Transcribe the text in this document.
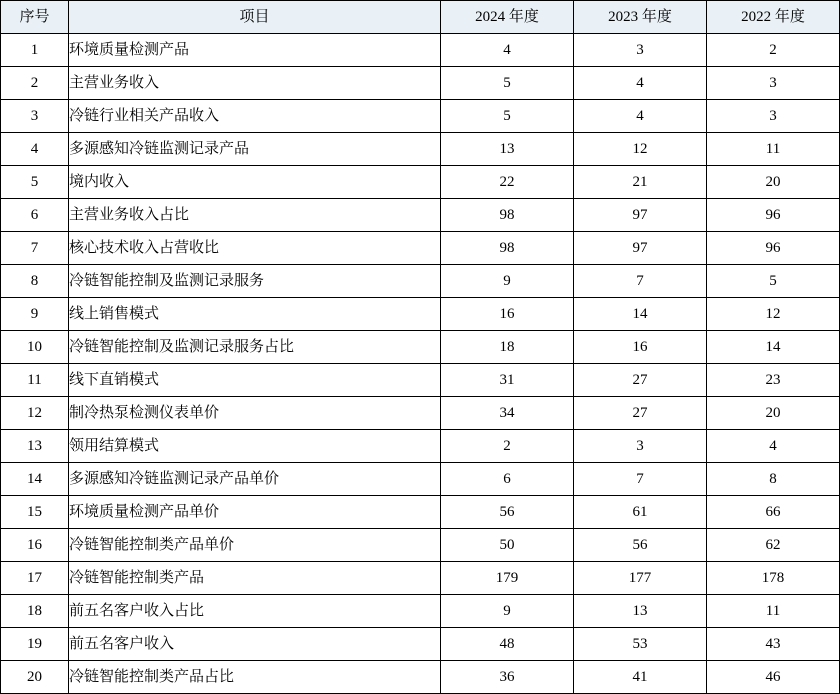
序号	项目	2024 年度	2023 年度	2022 年度
1	环境质量检测产品	4	3	2
2	主营业务收入	5	4	3
3	冷链行业相关产品收入	5	4	3
4	多源感知冷链监测记录产品	13	12	11
5	境内收入	22	21	20
6	主营业务收入占比	98	97	96
7	核心技术收入占营收比	98	97	96
8	冷链智能控制及监测记录服务	9	7	5
9	线上销售模式	16	14	12
10	冷链智能控制及监测记录服务占比	18	16	14
11	线下直销模式	31	27	23
12	制冷热泵检测仪表单价	34	27	20
13	领用结算模式	2	3	4
14	多源感知冷链监测记录产品单价	6	7	8
15	环境质量检测产品单价	56	61	66
16	冷链智能控制类产品单价	50	56	62
17	冷链智能控制类产品	179	177	178
18	前五名客户收入占比	9	13	11
19	前五名客户收入	48	53	43
20	冷链智能控制类产品占比	36	41	46
